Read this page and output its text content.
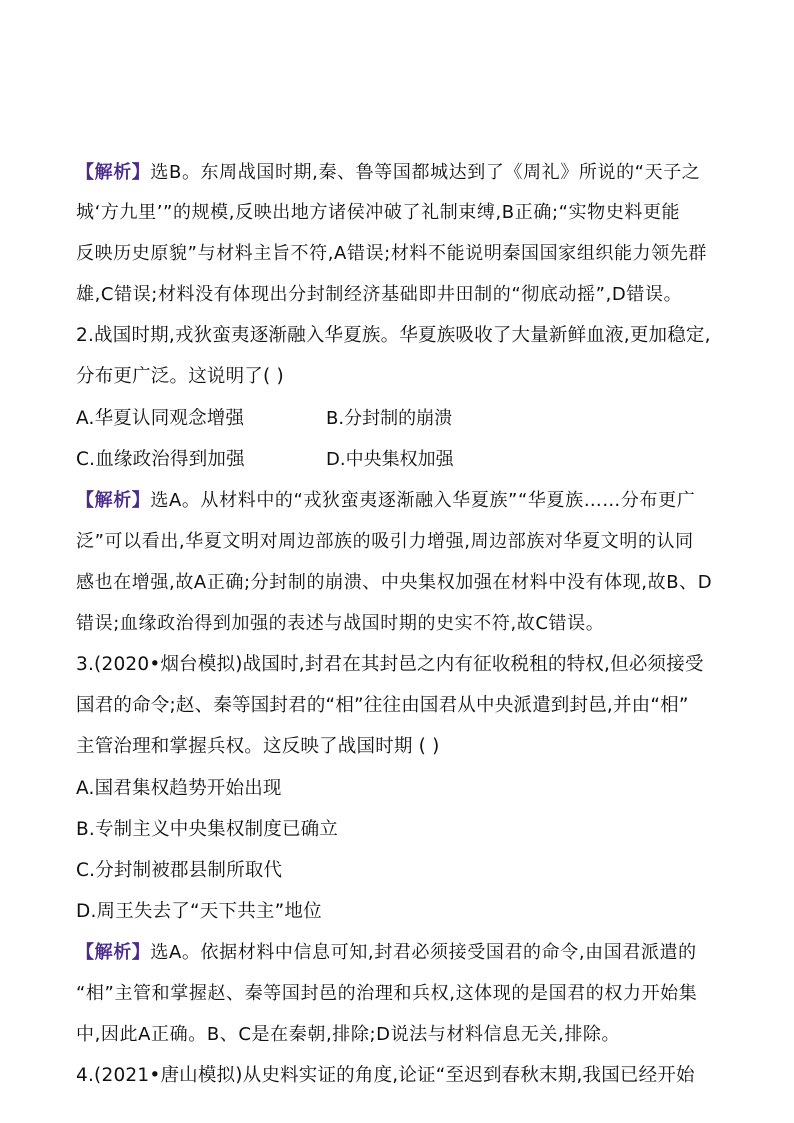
【解析】选B。东周战国时期,秦、鲁等国都城达到了《周礼》所说的“天子之
城‘方九里’”的规模,反映出地方诸侯冲破了礼制束缚,B正确;“实物史料更能
反映历史原貌”与材料主旨不符,A错误;材料不能说明秦国国家组织能力领先群
雄,C错误;材料没有体现出分封制经济基础即井田制的“彻底动摇”,D错误。
2.战国时期,戎狄蛮夷逐渐融入华夏族。华夏族吸收了大量新鲜血液,更加稳定,
分布更广泛。这说明了( )
A.华夏认同观念增强	B.分封制的崩溃
C.血缘政治得到加强	D.中央集权加强
【解析】选A。从材料中的“戎狄蛮夷逐渐融入华夏族”“华夏族……分布更广
泛”可以看出,华夏文明对周边部族的吸引力增强,周边部族对华夏文明的认同
感也在增强,故A正确;分封制的崩溃、中央集权加强在材料中没有体现,故B、D
错误;血缘政治得到加强的表述与战国时期的史实不符,故C错误。
3.(2020•烟台模拟)战国时,封君在其封邑之内有征收税租的特权,但必须接受
国君的命令;赵、秦等国封君的“相”往往由国君从中央派遣到封邑,并由“相”
主管治理和掌握兵权。这反映了战国时期 ( )
A.国君集权趋势开始出现
B.专制主义中央集权制度已确立
C.分封制被郡县制所取代
D.周王失去了“天下共主”地位
【解析】选A。依据材料中信息可知,封君必须接受国君的命令,由国君派遣的
“相”主管和掌握赵、秦等国封邑的治理和兵权,这体现的是国君的权力开始集
中,因此A正确。B、C是在秦朝,排除;D说法与材料信息无关,排除。
4.(2021•唐山模拟)从史料实证的角度,论证“至迟到春秋末期,我国已经开始
